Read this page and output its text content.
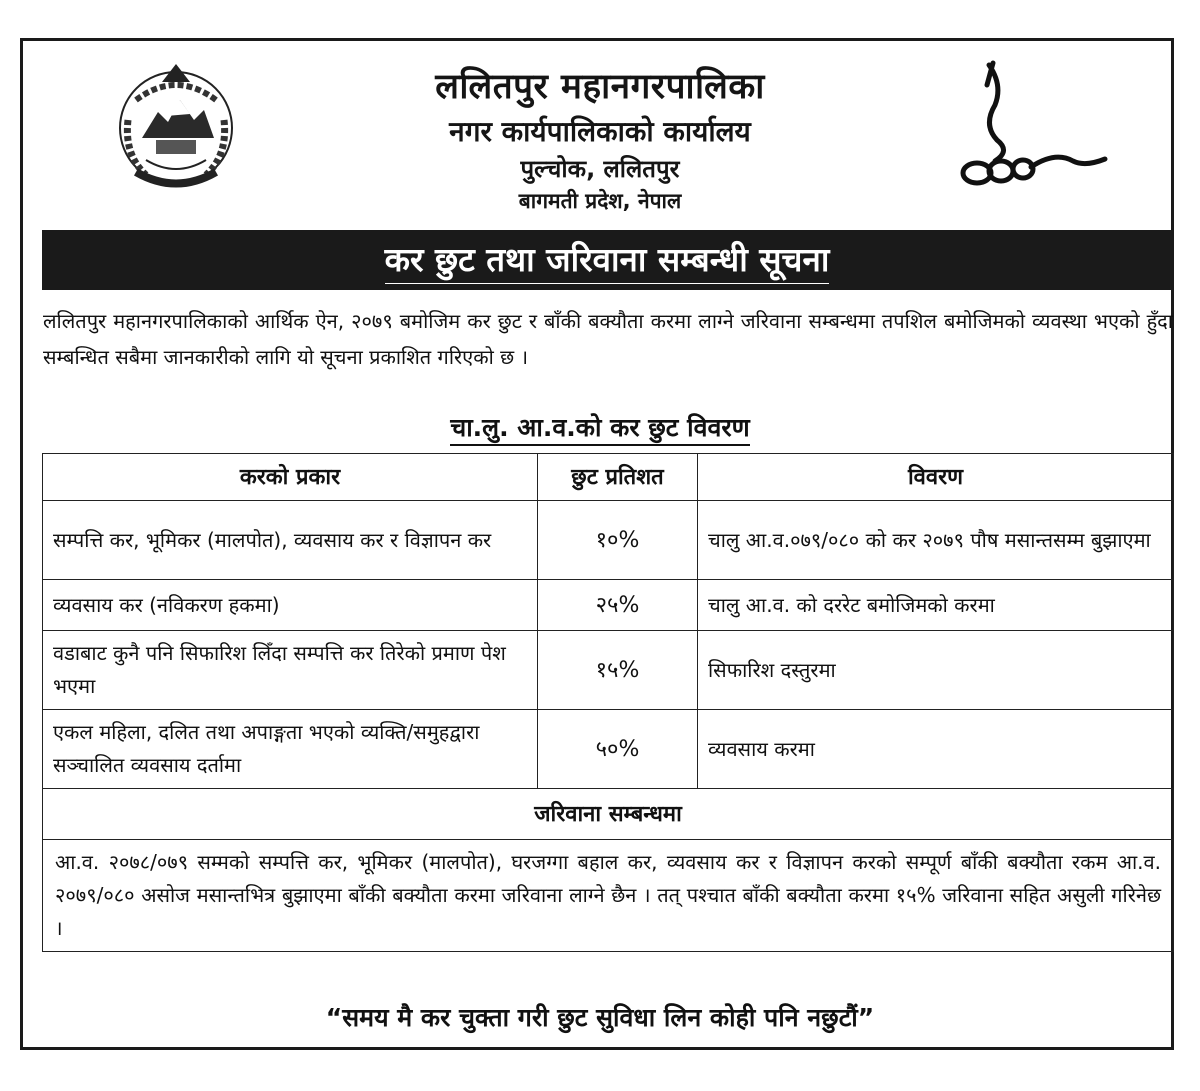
ललितपुर महानगरपालिका
नगर कार्यपालिकाको कार्यालय
पुल्चोक, ललितपुर
बागमती प्रदेश, नेपाल
कर छुट तथा जरिवाना सम्बन्धी सूचना
ललितपुर महानगरपालिकाको आर्थिक ऐन, २०७९ बमोजिम कर छुट र बाँकी बक्यौता करमा लाग्ने जरिवाना सम्बन्धमा तपशिल बमोजिमको व्यवस्था भएको हुँदा सम्बन्धित सबैमा जानकारीको लागि यो सूचना प्रकाशित गरिएको छ ।
चा.लु. आ.व.को कर छुट विवरण
करको प्रकार	छुट प्रतिशत	विवरण
सम्पत्ति कर, भूमिकर (मालपोत), व्यवसाय कर र विज्ञापन कर	१०%	चालु आ.व.०७९/०८० को कर २०७९ पौष मसान्तसम्म बुझाएमा
व्यवसाय कर (नविकरण हकमा)	२५%	चालु आ.व. को दररेट बमोजिमको करमा
वडाबाट कुनै पनि सिफारिश लिँदा सम्पत्ति कर तिरेको प्रमाण पेश भएमा	१५%	सिफारिश दस्तुरमा
एकल महिला, दलित तथा अपाङ्गता भएको व्यक्ति/समुहद्वारा सञ्चालित व्यवसाय दर्तामा	५०%	व्यवसाय करमा
जरिवाना सम्बन्धमा		
आ.व. २०७८/०७९ सम्मको सम्पत्ति कर, भूमिकर (मालपोत), घरजग्गा बहाल कर, व्यवसाय कर र विज्ञापन करको सम्पूर्ण बाँकी बक्यौता रकम आ.व. २०७९/०८० असोज मसान्तभित्र बुझाएमा बाँकी बक्यौता करमा जरिवाना लाग्ने छैन । तत् पश्चात बाँकी बक्यौता करमा १५% जरिवाना सहित असुली गरिनेछ ।		
“समय मै कर चुक्ता गरी छुट सुविधा लिन कोही पनि नछुटौं”
